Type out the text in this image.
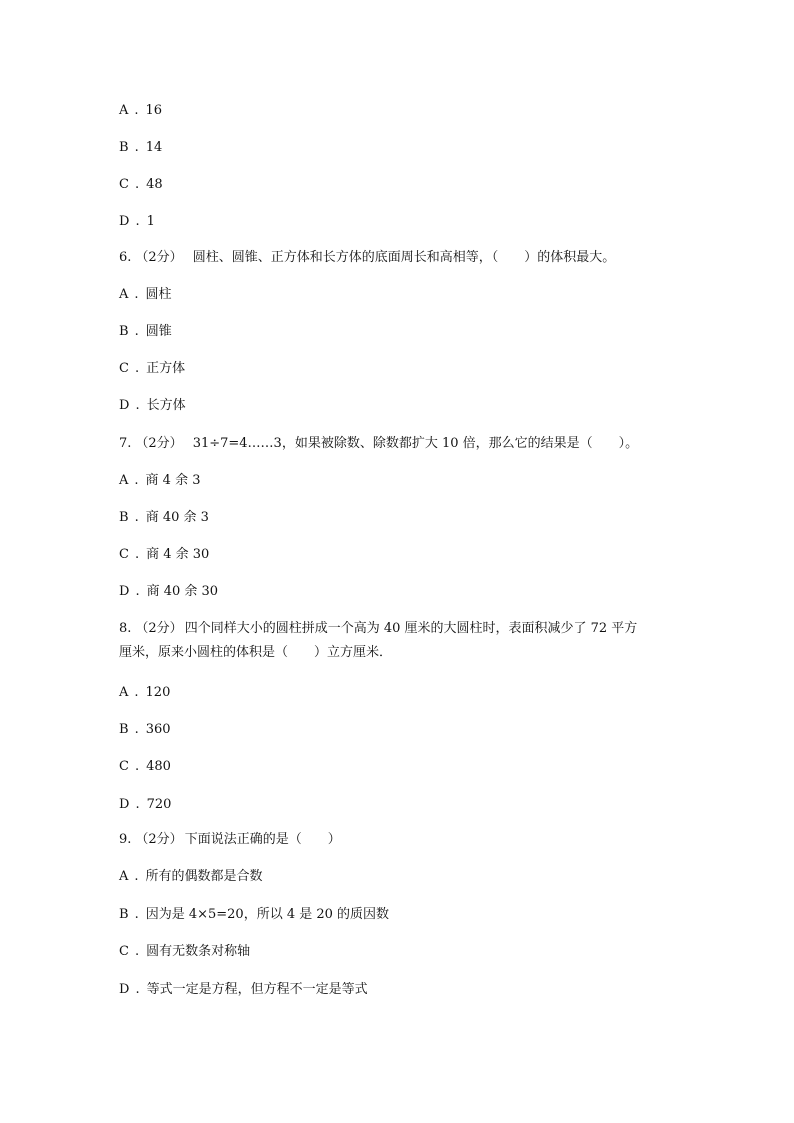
A . 16
B . 14
C . 48
D . 1
6. （2分） 圆柱、圆锥、正方体和长方体的底面周长和高相等，（　　）的体积最大。
A . 圆柱
B . 圆锥
C . 正方体
D . 长方体
7. （2分） 31÷7=4……3，如果被除数、除数都扩大 10 倍，那么它的结果是（　　）。
A . 商 4 余 3
B . 商 40 余 3
C . 商 4 余 30
D . 商 40 余 30
8. （2分） 四个同样大小的圆柱拼成一个高为 40 厘米的大圆柱时，表面积减少了 72 平方
厘米，原来小圆柱的体积是（　　）立方厘米．
A . 120
B . 360
C . 480
D . 720
9. （2分） 下面说法正确的是（　　）
A . 所有的偶数都是合数
B . 因为是 4×5=20，所以 4 是 20 的质因数
C . 圆有无数条对称轴
D . 等式一定是方程，但方程不一定是等式
